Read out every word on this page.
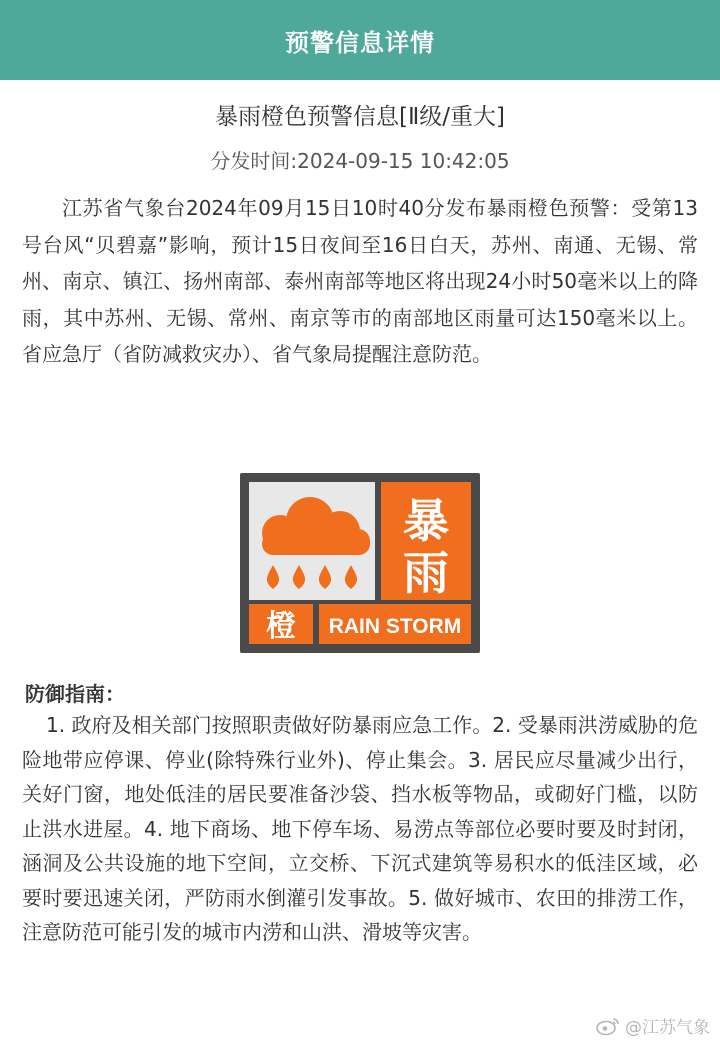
预警信息详情
暴雨橙色预警信息[Ⅱ级/重大]
分发时间:2024-09-15 10:42:05

江苏省气象台2024年09月15日10时40分发布暴雨橙色预警：受第13号台风“贝碧嘉”影响，预计15日夜间至16日白天，苏州、南通、无锡、常州、南京、镇江、扬州南部、泰州南部等地区将出现24小时50毫米以上的降雨，其中苏州、无锡、常州、南京等市的南部地区雨量可达150毫米以上。省应急厅（省防减救灾办）、省气象局提醒注意防范。

暴
雨
橙 RAIN STORM
防御指南：

1. 政府及相关部门按照职责做好防暴雨应急工作。2. 受暴雨洪涝威胁的危险地带应停课、停业(除特殊行业外)、停止集会。3. 居民应尽量减少出行，关好门窗，地处低洼的居民要准备沙袋、挡水板等物品，或砌好门槛，以防止洪水进屋。4. 地下商场、地下停车场、易涝点等部位必要时要及时封闭，涵洞及公共设施的地下空间，立交桥、下沉式建筑等易积水的低洼区域，必要时要迅速关闭，严防雨水倒灌引发事故。5. 做好城市、农田的排涝工作，注意防范可能引发的城市内涝和山洪、滑坡等灾害。

@江苏气象
